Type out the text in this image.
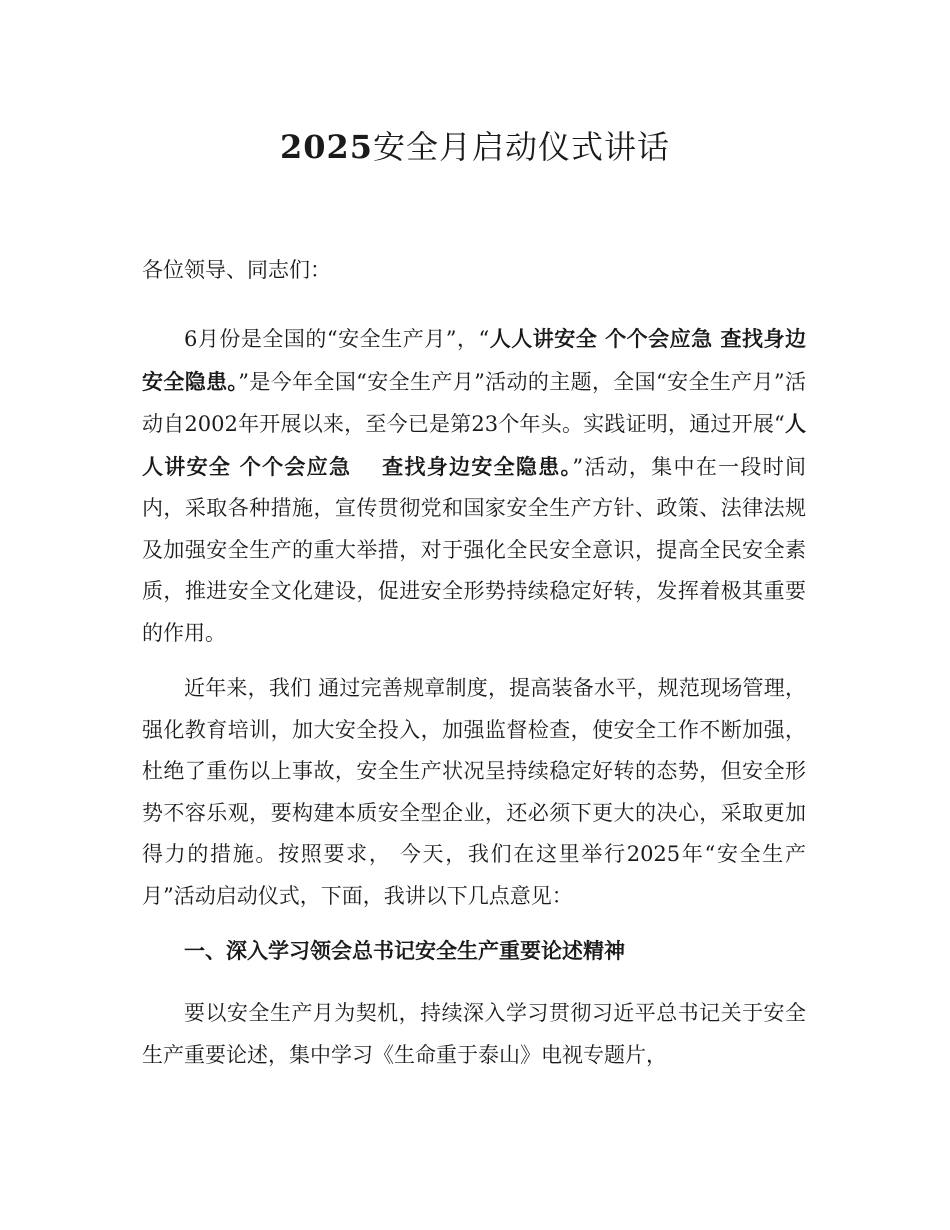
2025安全月启动仪式讲话

各位领导、同志们：

6月份是全国的“安全生产月”，“人人讲安全 个个会应急 查找身边安全隐患。”是今年全国“安全生产月”活动的主题，全国“安全生产月”活动自2002年开展以来，至今已是第23个年头。实践证明，通过开展“人人讲安全 个个会应急　 查找身边安全隐患。”活动，集中在一段时间内，采取各种措施，宣传贯彻党和国家安全生产方针、政策、法律法规及加强安全生产的重大举措，对于强化全民安全意识，提高全民安全素质，推进安全文化建设，促进安全形势持续稳定好转，发挥着极其重要的作用。

近年来，我们 通过完善规章制度，提高装备水平，规范现场管理，强化教育培训，加大安全投入，加强监督检查，使安全工作不断加强，杜绝了重伤以上事故，安全生产状况呈持续稳定好转的态势，但安全形势不容乐观，要构建本质安全型企业，还必须下更大的决心，采取更加得力的措施。按照要求， 今天，我们在这里举行2025年“安全生产月”活动启动仪式，下面，我讲以下几点意见：

一、深入学习领会总书记安全生产重要论述精神

要以安全生产月为契机，持续深入学习贯彻习近平总书记关于安全生产重要论述，集中学习《生命重于泰山》电视专题片，
